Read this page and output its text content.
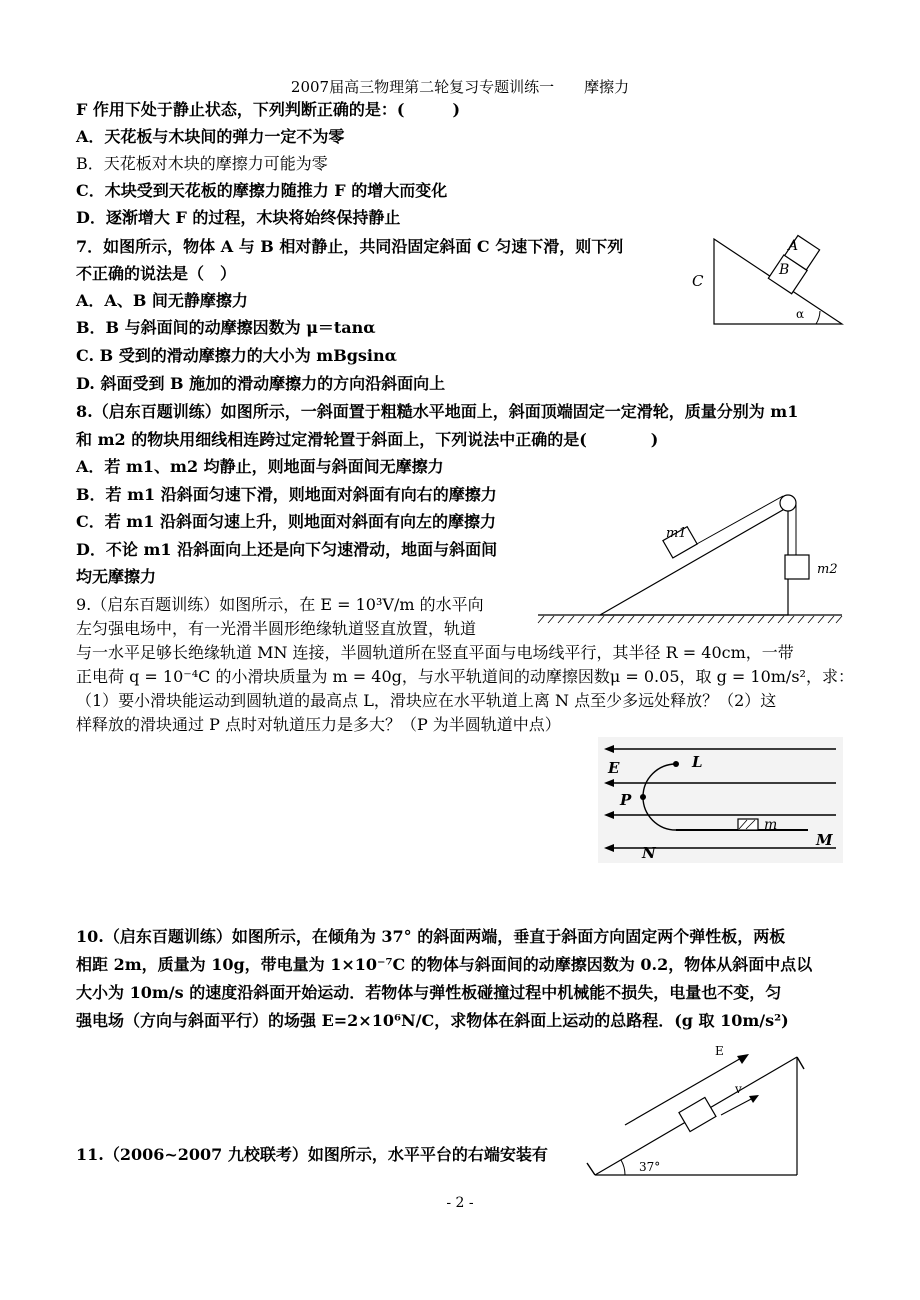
2007届高三物理第二轮复习专题训练一　　摩擦力
F 作用下处于静止状态，下列判断正确的是：(　　　)
A．天花板与木块间的弹力一定不为零
B．天花板对木块的摩擦力可能为零
C．木块受到天花板的摩擦力随推力 F 的增大而变化
D．逐渐增大 F 的过程，木块将始终保持静止
7．如图所示，物体 A 与 B 相对静止，共同沿固定斜面 C 匀速下滑，则下列
不正确的说法是（　）
A．A、B 间无静摩擦力
B．B 与斜面间的动摩擦因数为 μ＝tanα
C. B 受到的滑动摩擦力的大小为 mBgsinα
D. 斜面受到 B 施加的滑动摩擦力的方向沿斜面向上
B
A
C
α
8.（启东百题训练）如图所示，一斜面置于粗糙水平地面上，斜面顶端固定一定滑轮，质量分别为 m1
和 m2 的物块用细线相连跨过定滑轮置于斜面上，下列说法中正确的是(　　　　)
A．若 m1、m2 均静止，则地面与斜面间无摩擦力
B．若 m1 沿斜面匀速下滑，则地面对斜面有向右的摩擦力
C．若 m1 沿斜面匀速上升，则地面对斜面有向左的摩擦力
D．不论 m1 沿斜面向上还是向下匀速滑动，地面与斜面间
均无摩擦力
m1
m2
9.（启东百题训练）如图所示，在 E = 10³V/m 的水平向
左匀强电场中，有一光滑半圆形绝缘轨道竖直放置，轨道
与一水平足够长绝缘轨道 MN 连接，半圆轨道所在竖直平面与电场线平行，其半径 R = 40cm，一带
正电荷 q = 10⁻⁴C 的小滑块质量为 m = 40g，与水平轨道间的动摩擦因数μ = 0.05，取 g = 10m/s²，求：
（1）要小滑块能运动到圆轨道的最高点 L，滑块应在水平轨道上离 N 点至少多远处释放？（2）这
样释放的滑块通过 P 点时对轨道压力是多大？（P 为半圆轨道中点）
E	L
P
m
M
N
10.（启东百题训练）如图所示，在倾角为 37° 的斜面两端，垂直于斜面方向固定两个弹性板，两板
相距 2m，质量为 10g，带电量为 1×10⁻⁷C 的物体与斜面间的动摩擦因数为 0.2，物体从斜面中点以
大小为 10m/s 的速度沿斜面开始运动．若物体与弹性板碰撞过程中机械能不损失，电量也不变，匀
强电场（方向与斜面平行）的场强 E=2×10⁶N/C，求物体在斜面上运动的总路程．(g 取 10m/s²)
E
v
37°
11.（2006~2007 九校联考）如图所示，水平平台的右端安装有
- 2 -
